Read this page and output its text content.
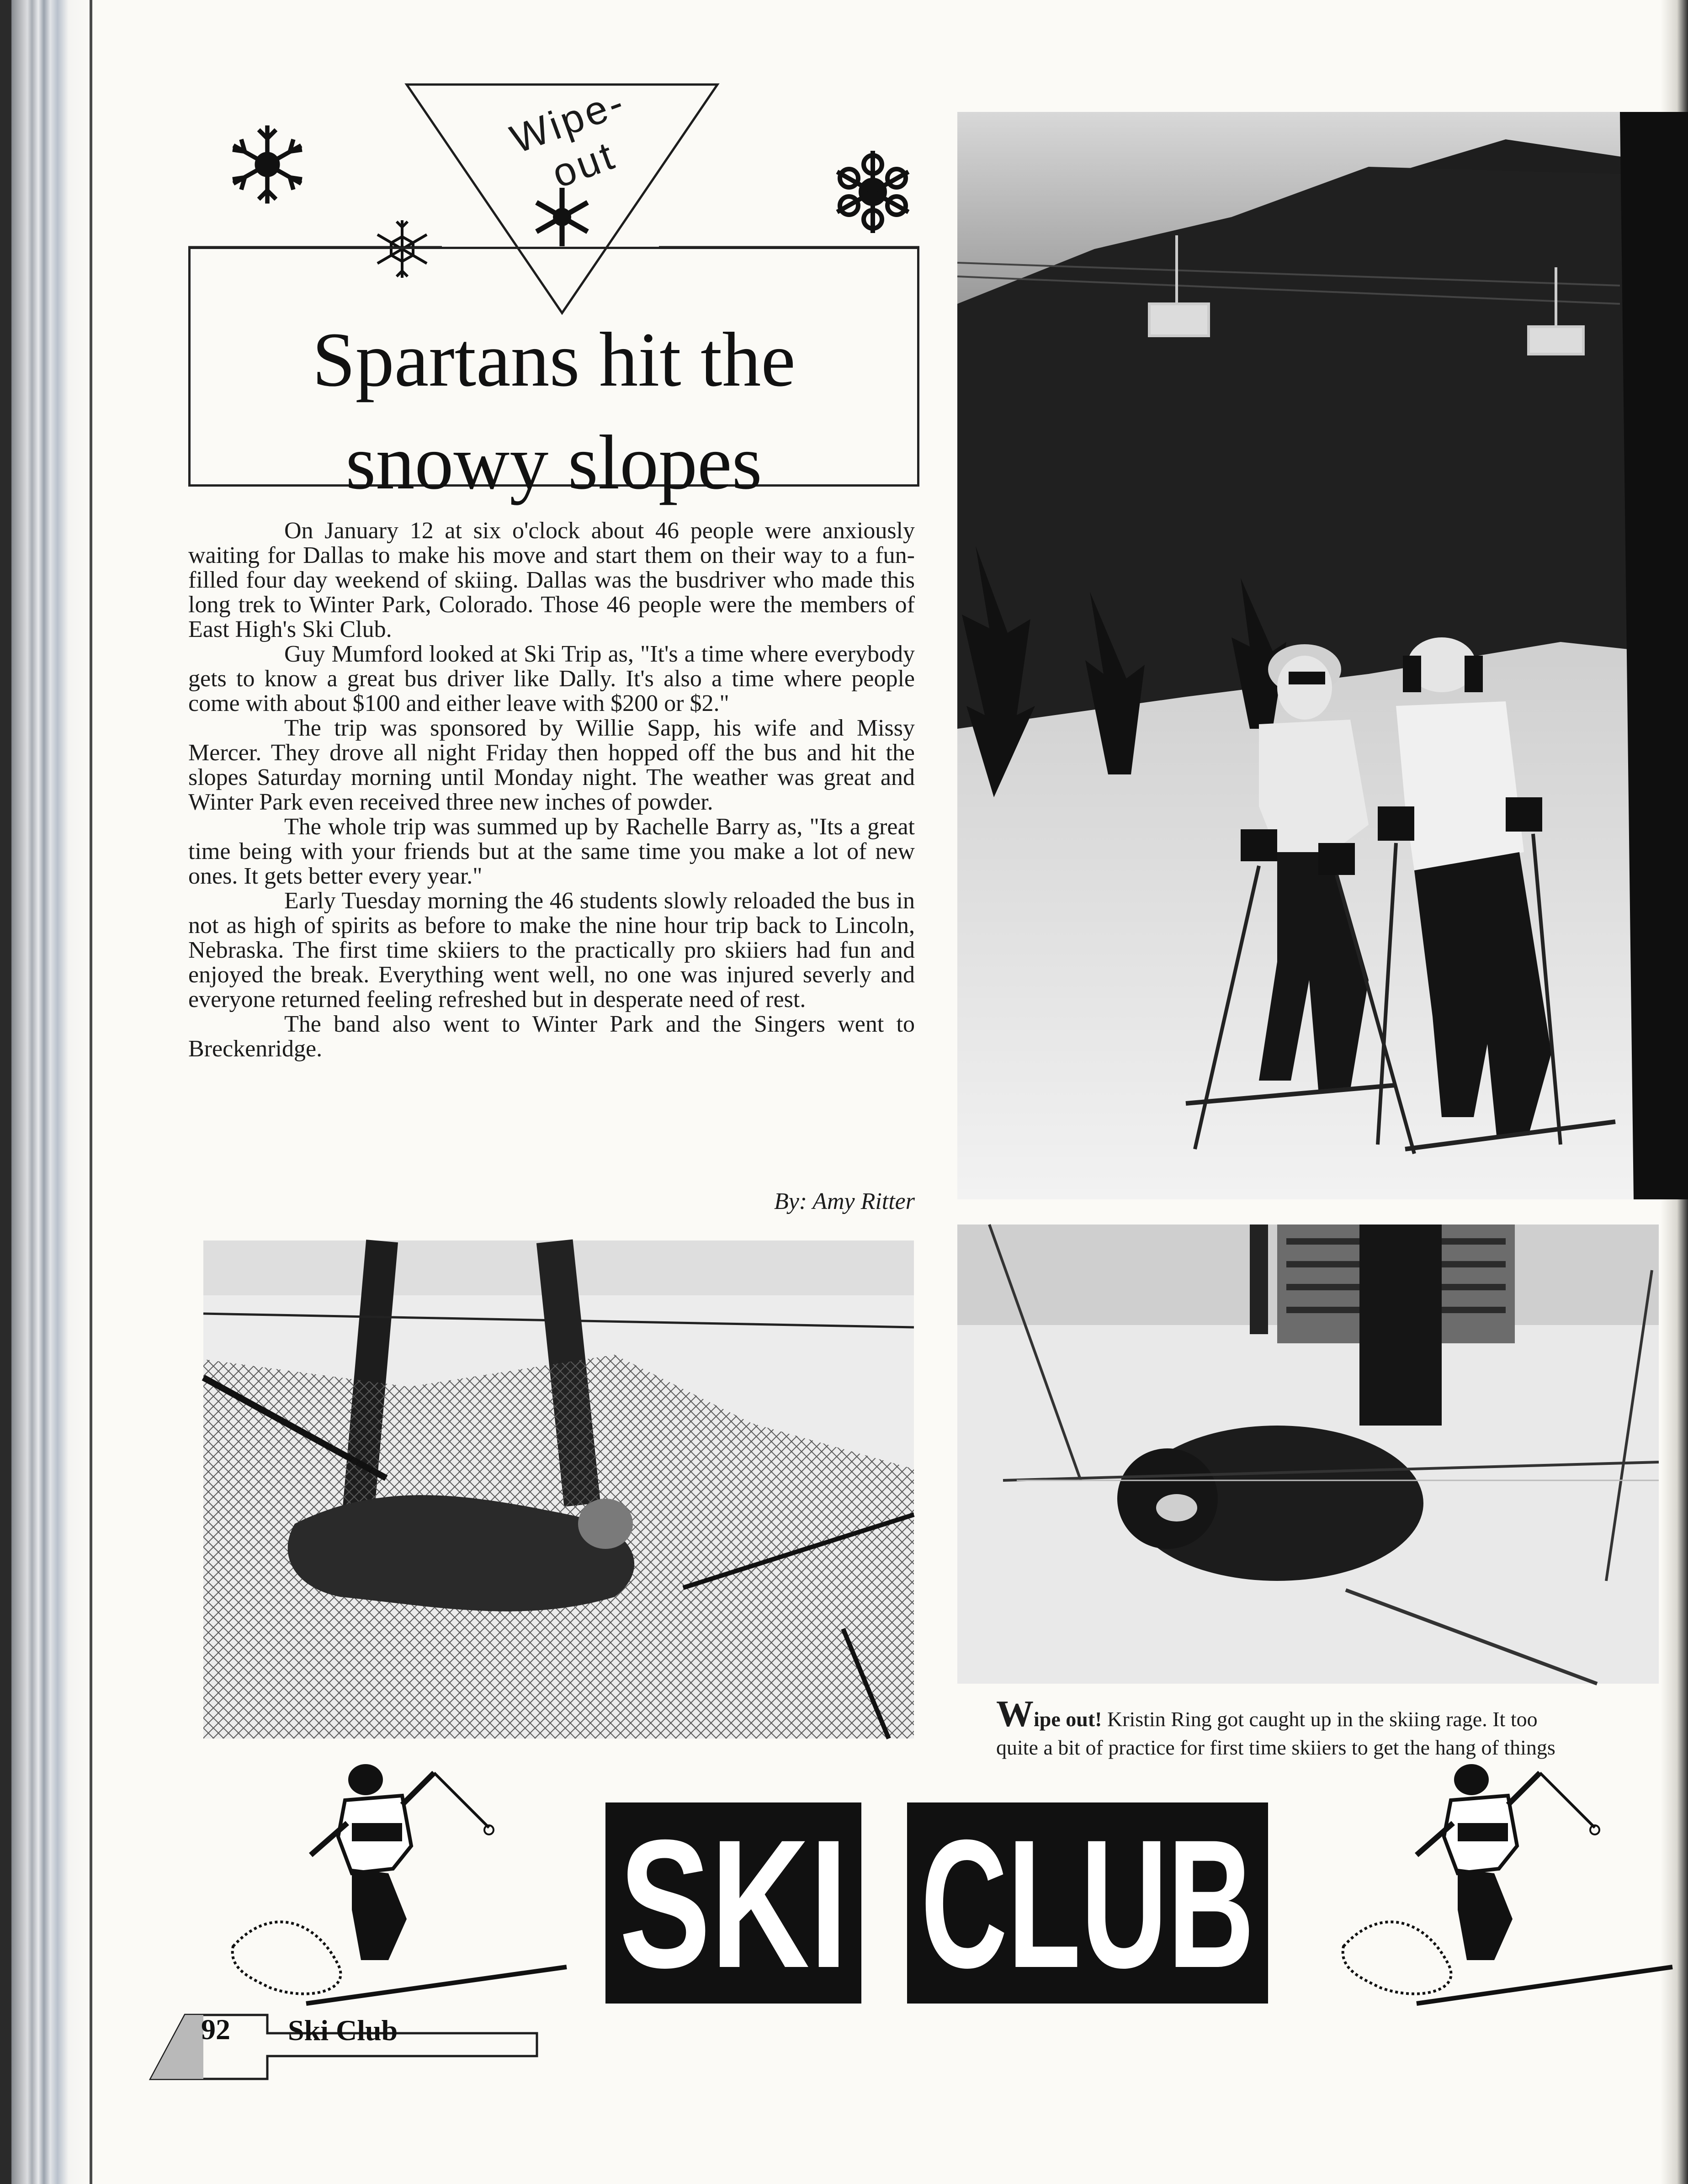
Wipe-out
Spartans hit the
snowy slopes

On January 12 at six o'clock about 46 people were anxiously waiting for Dallas to make his move and start them on their way to a fun-filled four day weekend of skiing. Dallas was the busdriver who made this long trek to Winter Park, Colorado. Those 46 people were the members of East High's Ski Club.

Guy Mumford looked at Ski Trip as, "It's a time where everybody gets to know a great bus driver like Dally. It's also a time where people come with about $100 and either leave with $200 or $2."

The trip was sponsored by Willie Sapp, his wife and Missy Mercer. They drove all night Friday then hopped off the bus and hit the slopes Saturday morning until Monday night. The weather was great and Winter Park even received three new inches of powder.

The whole trip was summed up by Rachelle Barry as, "Its a great time being with your friends but at the same time you make a lot of new ones. It gets better every year."

Early Tuesday morning the 46 students slowly reloaded the bus in not as high of spirits as before to make the nine hour trip back to Lincoln, Nebraska. The first time skiiers to the practically pro skiiers had fun and enjoyed the break. Everything went well, no one was injured severly and everyone returned feeling refreshed but in desperate need of rest.

The band also went to Winter Park and the Singers went to Breckenridge.

By: Amy Ritter
Wipe out! Kristin Ring got caught up in the skiing rage. It too
quite a bit of practice for first time skiiers to get the hang of things
SKI CLUB
92 Ski Club
